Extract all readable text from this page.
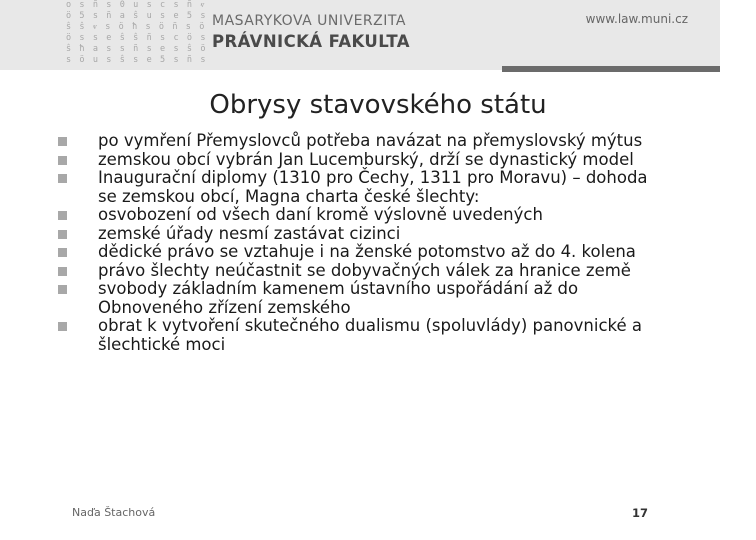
o s ñ s 0 u s c s ñ ⱴ
ö 5 s ñ a ŝ u s e 5 s
ŝ ŝ ⱴ s ö ħ s ö ñ s ö
ö s s e ŝ ŝ ñ s c ö s
ŝ ħ a s s ñ s e s ŝ ö
s ö u s ŝ s e 5 s ñ s
MASARYKOVA UNIVERZITA
PRÁVNICKÁ FAKULTA
www.law.muni.cz
Obrysy stavovského státu
po vymření Přemyslovců potřeba navázat na přemyslovský mýtus
zemskou obcí vybrán Jan Lucemburský, drží se dynastický model
Inaugurační diplomy (1310 pro Čechy, 1311 pro Moravu) – dohoda se zemskou obcí, Magna charta české šlechty:
osvobození od všech daní kromě výslovně uvedených
zemské úřady nesmí zastávat cizinci
dědické právo se vztahuje i na ženské potomstvo až do 4. kolena
právo šlechty neúčastnit se dobyvačných válek za hranice země
svobody základním kamenem ústavního uspořádání až do Obnoveného zřízení zemského
obrat k vytvoření skutečného dualismu (spoluvlády) panovnické a šlechtické moci
Naďa Štachová	17
